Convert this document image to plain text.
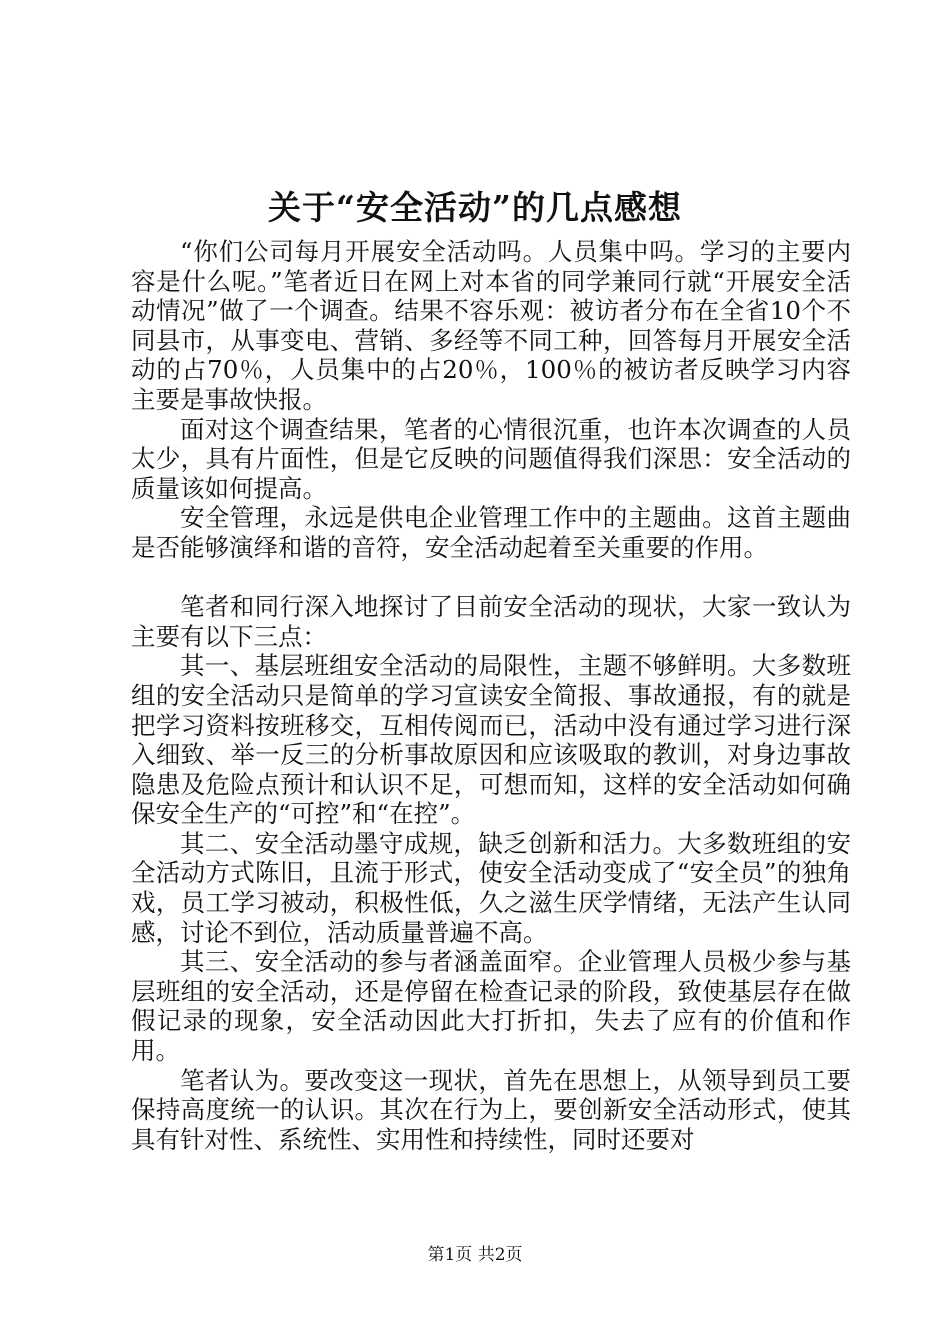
关于“安全活动”的几点感想

“你们公司每月开展安全活动吗。人员集中吗。学习的主要内容是什么呢。”笔者近日在网上对本省的同学兼同行就“开展安全活动情况”做了一个调查。结果不容乐观：被访者分布在全省10个不同县市，从事变电、营销、多经等不同工种，回答每月开展安全活动的占70％，人员集中的占20％，100％的被访者反映学习内容主要是事故快报。

面对这个调查结果，笔者的心情很沉重，也许本次调查的人员太少，具有片面性，但是它反映的问题值得我们深思：安全活动的质量该如何提高。

安全管理，永远是供电企业管理工作中的主题曲。这首主题曲是否能够演绎和谐的音符，安全活动起着至关重要的作用。

笔者和同行深入地探讨了目前安全活动的现状，大家一致认为主要有以下三点：

其一、基层班组安全活动的局限性，主题不够鲜明。大多数班组的安全活动只是简单的学习宣读安全简报、事故通报，有的就是把学习资料按班移交，互相传阅而已，活动中没有通过学习进行深入细致、举一反三的分析事故原因和应该吸取的教训，对身边事故隐患及危险点预计和认识不足，可想而知，这样的安全活动如何确保安全生产的“可控”和“在控”。

其二、安全活动墨守成规，缺乏创新和活力。大多数班组的安全活动方式陈旧，且流于形式，使安全活动变成了“安全员”的独角戏，员工学习被动，积极性低，久之滋生厌学情绪，无法产生认同感，讨论不到位，活动质量普遍不高。

其三、安全活动的参与者涵盖面窄。企业管理人员极少参与基层班组的安全活动，还是停留在检查记录的阶段，致使基层存在做假记录的现象，安全活动因此大打折扣，失去了应有的价值和作用。

笔者认为。要改变这一现状，首先在思想上，从领导到员工要保持高度统一的认识。其次在行为上，要创新安全活动形式，使其具有针对性、系统性、实用性和持续性，同时还要对

第1页 共2页
